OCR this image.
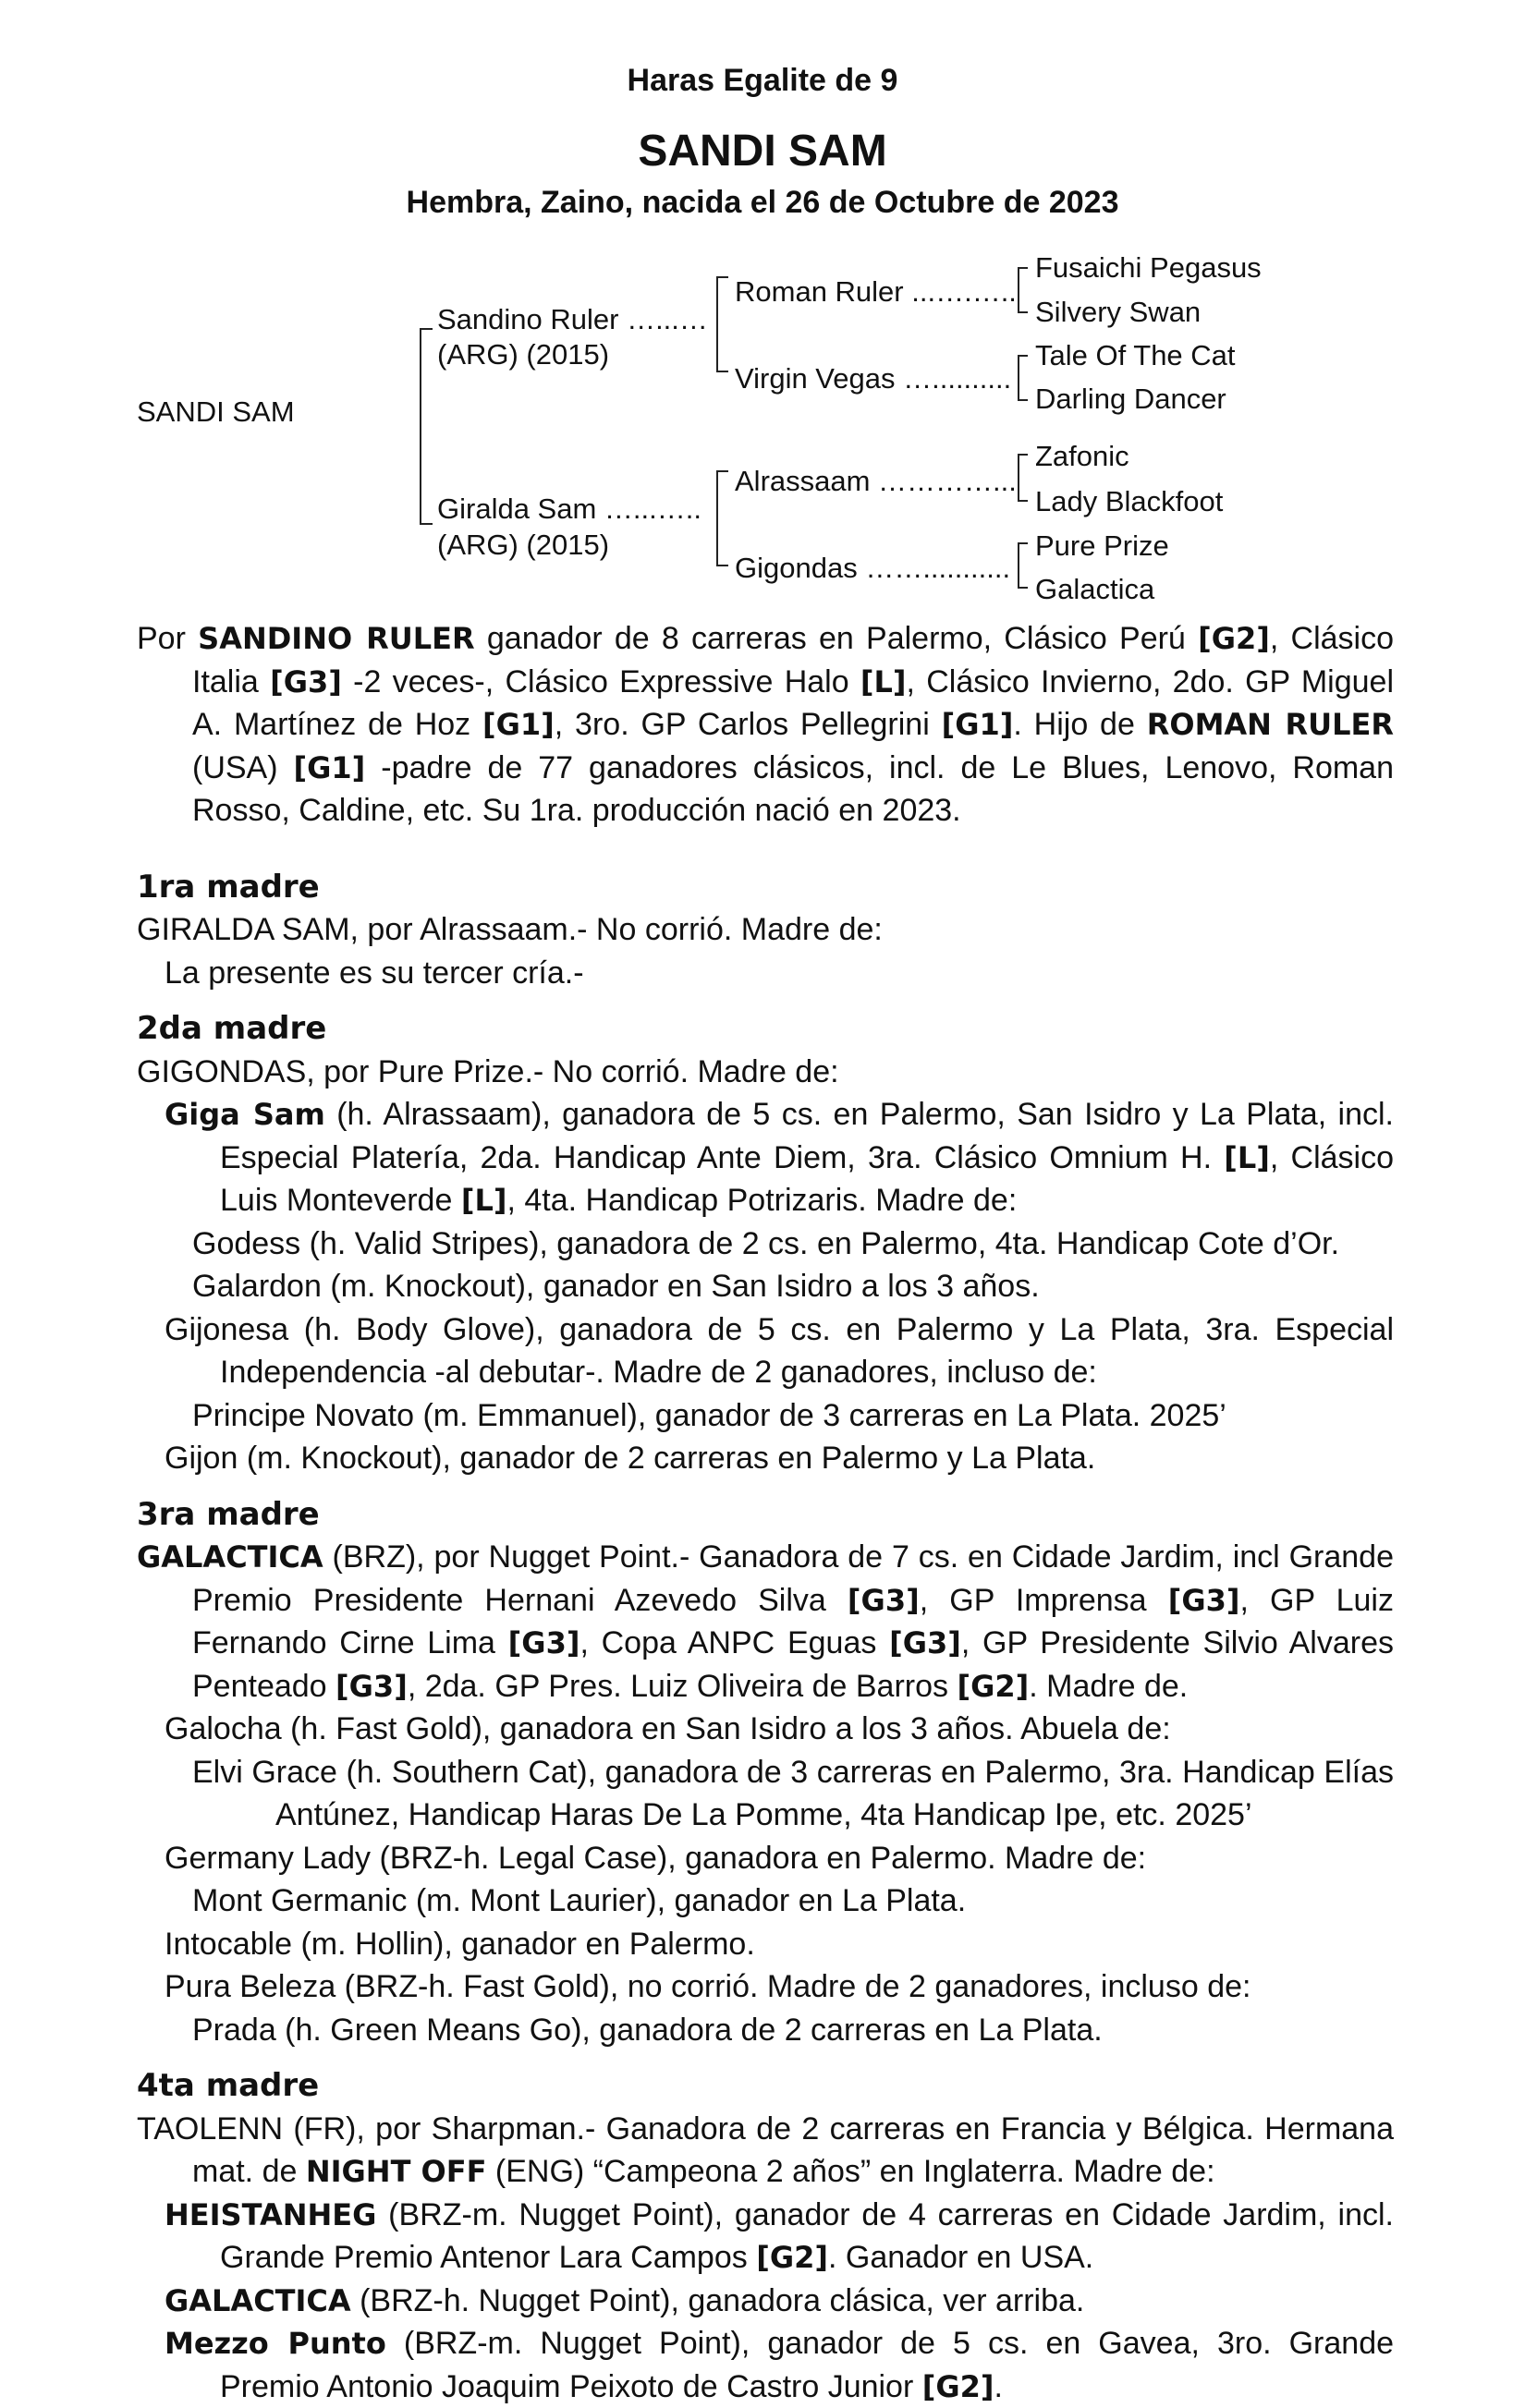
Haras Egalite de 9
SANDI SAM
Hembra, Zaino, nacida el 26 de Octubre de 2023
SANDI SAM
Sandino Ruler …...…
(ARG) (2015)
Giralda Sam …...…..
(ARG) (2015)
Roman Ruler ...….…..
Virgin Vegas …..........
Alrassaam …………...
Gigondas ……...........
Fusaichi Pegasus
Silvery Swan
Tale Of The Cat
Darling Dancer
Zafonic
Lady Blackfoot
Pure Prize
Galactica
Por SANDINO RULER ganador de 8 carreras en Palermo, Clásico Perú [G2], Clásico Italia [G3] -2 veces-, Clásico Expressive Halo [L], Clásico Invierno, 2do. GP Miguel A. Martínez de Hoz [G1], 3ro. GP Carlos Pellegrini [G1]. Hijo de ROMAN RULER (USA) [G1] -padre de 77 ganadores clásicos, incl. de Le Blues, Lenovo, Roman Rosso, Caldine, etc. Su 1ra. producción nació en 2023.
1ra madre
GIRALDA SAM, por Alrassaam.- No corrió. Madre de:
La presente es su tercer cría.-
2da madre
GIGONDAS, por Pure Prize.- No corrió. Madre de:
Giga Sam (h. Alrassaam), ganadora de 5 cs. en Palermo, San Isidro y La Plata, incl. Especial Platería, 2da. Handicap Ante Diem, 3ra. Clásico Omnium H. [L], Clásico Luis Monteverde [L], 4ta. Handicap Potrizaris. Madre de:
Godess (h. Valid Stripes), ganadora de 2 cs. en Palermo, 4ta. Handicap Cote d’Or.
Galardon (m. Knockout), ganador en San Isidro a los 3 años.
Gijonesa (h. Body Glove), ganadora de 5 cs. en Palermo y La Plata, 3ra. Especial Independencia -al debutar-. Madre de 2 ganadores, incluso de:
Principe Novato (m. Emmanuel), ganador de 3 carreras en La Plata. 2025’
Gijon (m. Knockout), ganador de 2 carreras en Palermo y La Plata.
3ra madre
GALACTICA (BRZ), por Nugget Point.- Ganadora de 7 cs. en Cidade Jardim, incl Grande Premio Presidente Hernani Azevedo Silva [G3], GP Imprensa [G3], GP Luiz Fernando Cirne Lima [G3], Copa ANPC Eguas [G3], GP Presidente Silvio Alvares Penteado [G3], 2da. GP Pres. Luiz Oliveira de Barros [G2]. Madre de.
Galocha (h. Fast Gold), ganadora en San Isidro a los 3 años. Abuela de:
Elvi Grace (h. Southern Cat), ganadora de 3 carreras en Palermo, 3ra. Handicap Elías Antúnez, Handicap Haras De La Pomme, 4ta Handicap Ipe, etc. 2025’
Germany Lady (BRZ-h. Legal Case), ganadora en Palermo. Madre de:
Mont Germanic (m. Mont Laurier), ganador en La Plata.
Intocable (m. Hollin), ganador en Palermo.
Pura Beleza (BRZ-h. Fast Gold), no corrió. Madre de 2 ganadores, incluso de:
Prada (h. Green Means Go), ganadora de 2 carreras en La Plata.
4ta madre
TAOLENN (FR), por Sharpman.- Ganadora de 2 carreras en Francia y Bélgica. Hermana mat. de NIGHT OFF (ENG) “Campeona 2 años” en Inglaterra. Madre de:
HEISTANHEG (BRZ-m. Nugget Point), ganador de 4 carreras en Cidade Jardim, incl. Grande Premio Antenor Lara Campos [G2]. Ganador en USA.
GALACTICA (BRZ-h. Nugget Point), ganadora clásica, ver arriba.
Mezzo Punto (BRZ-m. Nugget Point), ganador de 5 cs. en Gavea, 3ro. Grande Premio Antonio Joaquim Peixoto de Castro Junior [G2].
